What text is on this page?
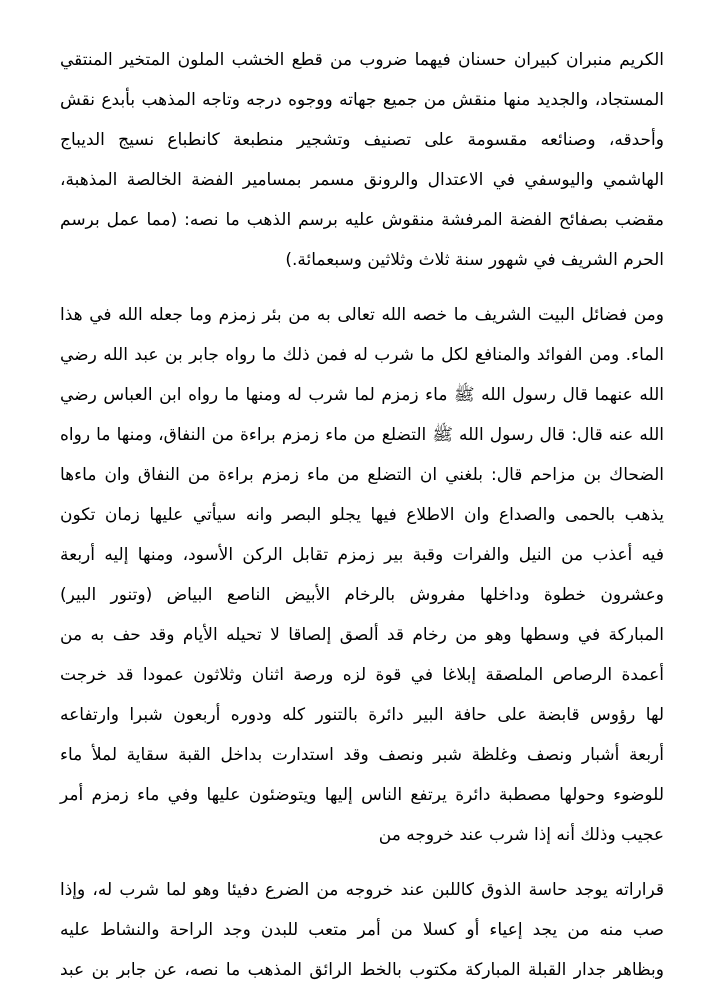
الكريم منبران كبيران حسنان فيهما ضروب من قطع الخشب الملون المتخير المنتقي
المستجاد، والجديد منها منقش من جميع جهاته ووجوه درجه وتاجه المذهب بأبدع نقش
وأحدقه، وصنائعه مقسومة على تصنيف وتشجير منطبعة كانطباع نسيج الديباج
الهاشمي واليوسفي في الاعتدال والرونق مسمر بمسامير الفضة الخالصة المذهبة،
مقضب بصفائح الفضة المرفشة منقوش عليه برسم الذهب ما نصه: (مما عمل برسم
الحرم الشريف في شهور سنة ثلاث وثلاثين وسبعمائة.)
ومن فضائل البيت الشريف ما خصه الله تعالى به من بئر زمزم وما جعله الله في هذا
الماء. ومن الفوائد والمنافع لكل ما شرب له فمن ذلك ما رواه جابر بن عبد الله رضي
الله عنهما قال رسول الله ﷺ ماء زمزم لما شرب له ومنها ما رواه ابن العباس رضي
الله عنه قال: قال رسول الله ﷺ التضلع من ماء زمزم براءة من النفاق، ومنها ما رواه
الضحاك بن مزاحم قال: بلغني ان التضلع من ماء زمزم براءة من النفاق وان ماءها
يذهب بالحمى والصداع وان الاطلاع فيها يجلو البصر وانه سيأتي عليها زمان تكون
فيه أعذب من النيل والفرات وقبة بير زمزم تقابل الركن الأسود، ومنها إليه أربعة
وعشرون خطوة وداخلها مفروش بالرخام الأبيض الناصع البياض (وتنور البير)
المباركة في وسطها وهو من رخام قد ألصق إلصاقا لا تحيله الأيام وقد حف به من
أعمدة الرصاص الملصقة إبلاغا في قوة لزه ورصة اثنان وثلاثون عمودا قد خرجت
لها رؤوس قابضة على حافة البير دائرة بالتنور كله ودوره أربعون شبرا وارتفاعه
أربعة أشبار ونصف وغلظة شبر ونصف وقد استدارت بداخل القبة سقاية لملأ ماء
للوضوء وحولها مصطبة دائرة يرتفع الناس إليها ويتوضئون عليها وفي ماء زمزم أمر
عجيب وذلك أنه إذا شرب عند خروجه من
قراراته يوجد حاسة الذوق كاللبن عند خروجه من الضرع دفيئا وهو لما شرب له، وإذا
صب منه من يجد إعياء أو كسلا من أمر متعب للبدن وجد الراحة والنشاط عليه
وبظاهر جدار القبلة المباركة مكتوب بالخط الرائق المذهب ما نصه، عن جابر بن عبد
